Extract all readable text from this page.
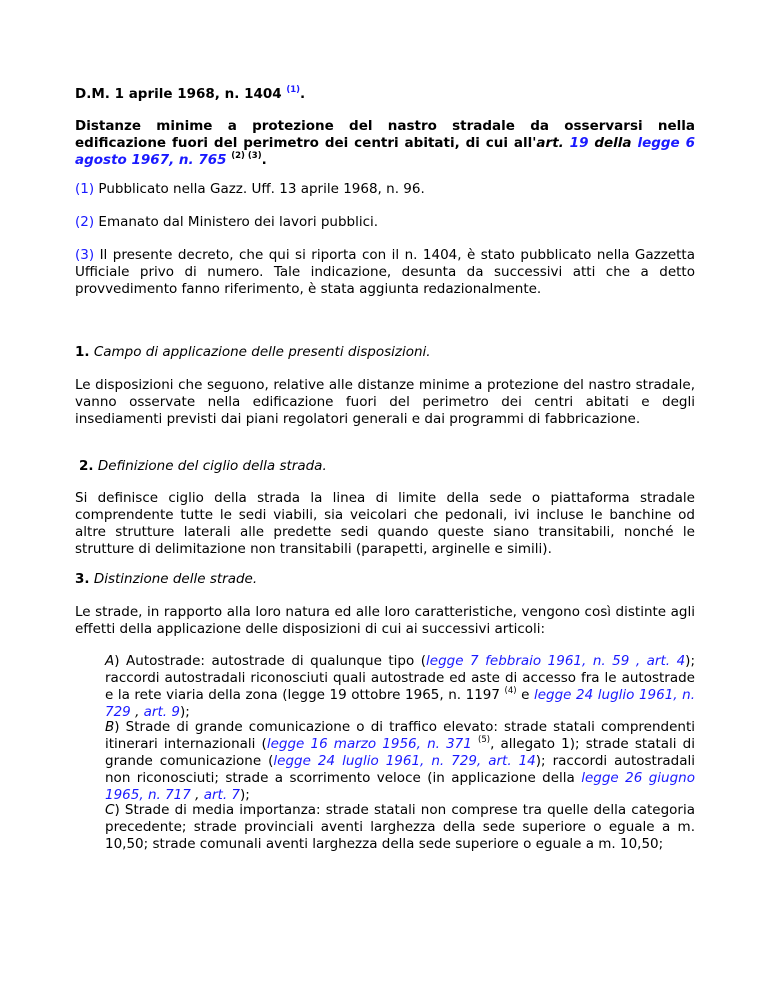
D.M. 1 aprile 1968, n. 1404 $^{(1)}$.

Distanze minime a protezione del nastro stradale da osservarsi nella edificazione fuori del perimetro dei centri abitati, di cui all'art. 19 della legge 6 agosto 1967, n. 765 $^{(2) (3)}$.

(1) Pubblicato nella Gazz. Uff. 13 aprile 1968, n. 96.

(2) Emanato dal Ministero dei lavori pubblici.

(3) Il presente decreto, che qui si riporta con il n. 1404, è stato pubblicato nella Gazzetta Ufficiale privo di numero. Tale indicazione, desunta da successivi atti che a detto provvedimento fanno riferimento, è stata aggiunta redazionalmente.

1. Campo di applicazione delle presenti disposizioni.

Le disposizioni che seguono, relative alle distanze minime a protezione del nastro stradale, vanno osservate nella edificazione fuori del perimetro dei centri abitati e degli insediamenti previsti dai piani regolatori generali e dai programmi di fabbricazione.

2. Definizione del ciglio della strada.

Si definisce ciglio della strada la linea di limite della sede o piattaforma stradale comprendente tutte le sedi viabili, sia veicolari che pedonali, ivi incluse le banchine od altre strutture laterali alle predette sedi quando queste siano transitabili, nonché le strutture di delimitazione non transitabili (parapetti, arginelle e simili).

3. Distinzione delle strade.

Le strade, in rapporto alla loro natura ed alle loro caratteristiche, vengono così distinte agli effetti della applicazione delle disposizioni di cui ai successivi articoli:

A) Autostrade: autostrade di qualunque tipo (legge 7 febbraio 1961, n. 59 , art. 4); raccordi autostradali riconosciuti quali autostrade ed aste di accesso fra le autostrade e la rete viaria della zona (legge 19 ottobre 1965, n. 1197 $^{(4)}$ e legge 24 luglio 1961, n. 729 , art. 9);

B) Strade di grande comunicazione o di traffico elevato: strade statali comprendenti itinerari internazionali (legge 16 marzo 1956, n. 371 $^{(5)}$, allegato 1); strade statali di grande comunicazione (legge 24 luglio 1961, n. 729, art. 14); raccordi autostradali non riconosciuti; strade a scorrimento veloce (in applicazione della legge 26 giugno 1965, n. 717 , art. 7);

C) Strade di media importanza: strade statali non comprese tra quelle della categoria precedente; strade provinciali aventi larghezza della sede superiore o eguale a m. 10,50; strade comunali aventi larghezza della sede superiore o eguale a m. 10,50;
